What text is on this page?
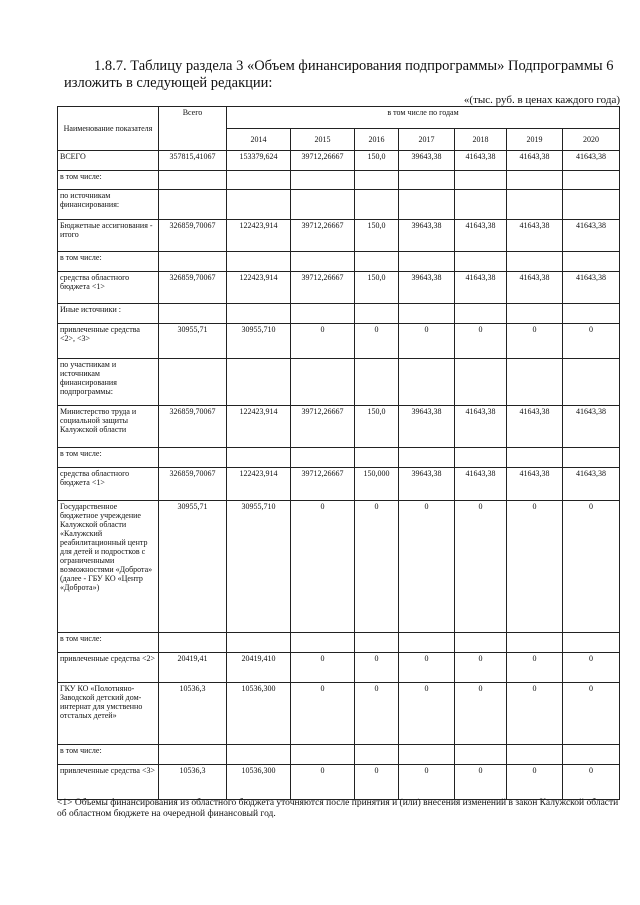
1.8.7. Таблицу раздела 3 «Объем финансирования подпрограммы» Подпрограммы 6
изложить в следующей редакции:
«(тыс. руб. в ценах каждого года)
Наименование показателя	Всего	в том числе по годам						
		2014	2015	2016	2017	2018	2019	2020
ВСЕГО	357815,41067	153379,624	39712,26667	150,0	39643,38	41643,38	41643,38	41643,38
в том числе:								
по источникам финансирования:								
Бюджетные ассигнования - итого	326859,70067	122423,914	39712,26667	150,0	39643,38	41643,38	41643,38	41643,38
в том числе:								
средства областного бюджета <1>	326859,70067	122423,914	39712,26667	150,0	39643,38	41643,38	41643,38	41643,38
Иные источники :								
привлеченные средства <2>, <3>	30955,71	30955,710	0	0	0	0	0	0
по участникам и источникам финансирования подпрограммы:								
Министерство труда и социальной защиты Калужской области	326859,70067	122423,914	39712,26667	150,0	39643,38	41643,38	41643,38	41643,38
в том числе:								
средства областного бюджета <1>	326859,70067	122423,914	39712,26667	150,000	39643,38	41643,38	41643,38	41643,38
Государственное бюджетное учреждение Калужской области «Калужский реабилитационный центр для детей и подростков с ограниченными возможностями «Доброта» (далее - ГБУ КО «Центр «Доброта»)	30955,71	30955,710	0	0	0	0	0	0
в том числе:								
привлеченные средства <2>	20419,41	20419,410	0	0	0	0	0	0
ГКУ КО «Полотнянo-Заводской детский дом-интернат для умственно отсталых детей»	10536,3	10536,300	0	0	0	0	0	0
в том числе:								
привлеченные средства <3>	10536,3	10536,300	0	0	0	0	0	0
<1> Объемы финансирования из областного бюджета уточняются после принятия и (или) внесения изменений в закон Калужской области об областном бюджете на очередной финансовый год.
